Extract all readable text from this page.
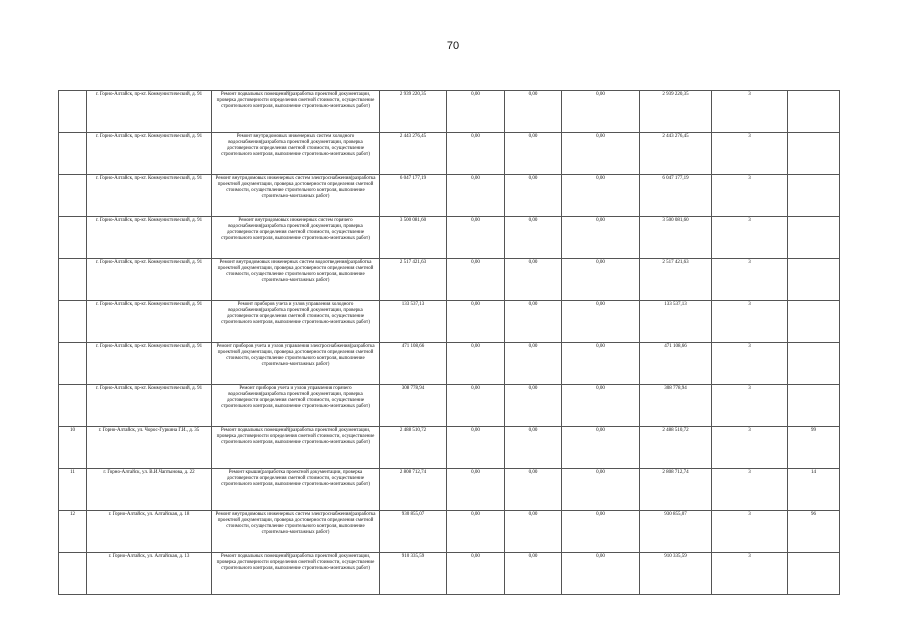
70
	г. Горно-Алтайск, пр-кт. Коммунистический, д. 91	Ремонт подвальных помещений(разработка проектной документации, проверка достоверности определения сметной стоимости, осуществление строительного контроля, выполнение строительно-монтажных работ)	2 939 220,35	0,00	0,00	0,00	2 939 220,35	3	
	г. Горно-Алтайск, пр-кт. Коммунистический, д. 91	Ремонт внутридомовых инженерных систем холодного водоснабжения(разработка проектной документации, проверка достоверности определения сметной стоимости, осуществление строительного контроля, выполнение строительно-монтажных работ)	2 443 276,45	0,00	0,00	0,00	2 443 276,45	3	
	г. Горно-Алтайск, пр-кт. Коммунистический, д. 91	Ремонт внутридомовых инженерных систем электроснабжения(разработка проектной документации, проверка достоверности определения сметной стоимости, осуществление строительного контроля, выполнение строительно-монтажных работ)	6 047 177,19	0,00	0,00	0,00	6 047 177,19	3	
	г. Горно-Алтайск, пр-кт. Коммунистический, д. 91	Ремонт внутридомовых инженерных систем горячего водоснабжения(разработка проектной документации, проверка достоверности определения сметной стоимости, осуществление строительного контроля, выполнение строительно-монтажных работ)	3 500 081,60	0,00	0,00	0,00	3 500 081,60	3	
	г. Горно-Алтайск, пр-кт. Коммунистический, д. 91	Ремонт внутридомовых инженерных систем водоотведения(разработка проектной документации, проверка достоверности определения сметной стоимости, осуществление строительного контроля, выполнение строительно-монтажных работ)	2 517 421,63	0,00	0,00	0,00	2 517 421,63	3	
	г. Горно-Алтайск, пр-кт. Коммунистический, д. 91	Ремонт приборов учета и узлов управления холодного водоснабжения(разработка проектной документации, проверка достоверности определения сметной стоимости, осуществление строительного контроля, выполнение строительно-монтажных работ)	133 537,13	0,00	0,00	0,00	133 537,13	3	
	г. Горно-Алтайск, пр-кт. Коммунистический, д. 91	Ремонт приборов учета и узлов управления электроснабжения(разработка проектной документации, проверка достоверности определения сметной стоимости, осуществление строительного контроля, выполнение строительно-монтажных работ)	471 108,66	0,00	0,00	0,00	471 108,66	3	
	г. Горно-Алтайск, пр-кт. Коммунистический, д. 91	Ремонт приборов учета и узлов управления горячего водоснабжения(разработка проектной документации, проверка достоверности определения сметной стоимости, осуществление строительного контроля, выполнение строительно-монтажных работ)	308 778,94	0,00	0,00	0,00	308 778,94	3	
10	г. Горно-Алтайск, ул. Чорос-Гуркина Г.И., д. 35	Ремонт подвальных помещений(разработка проектной документации, проверка достоверности определения сметной стоимости, осуществление строительного контроля, выполнение строительно-монтажных работ)	2 488 510,72	0,00	0,00	0,00	2 488 510,72	3	99
11	г. Горно-Алтайск, ул. В.И.Чаптынова, д. 22	Ремонт крыши(разработка проектной документации, проверка достоверности определения сметной стоимости, осуществление строительного контроля, выполнение строительно-монтажных работ)	2 808 712,74	0,00	0,00	0,00	2 808 712,74	3	14
12	г. Горно-Алтайск, ул. Алтайская, д. 18	Ремонт внутридомовых инженерных систем электроснабжения(разработка проектной документации, проверка достоверности определения сметной стоимости, осуществление строительного контроля, выполнение строительно-монтажных работ)	930 855,07	0,00	0,00	0,00	930 855,07	3	96
	г. Горно-Алтайск, ул. Алтайская, д. 13	Ремонт подвальных помещений(разработка проектной документации, проверка достоверности определения сметной стоимости, осуществление строительного контроля, выполнение строительно-монтажных работ)	910 335,59	0,00	0,00	0,00	910 335,59	3	
